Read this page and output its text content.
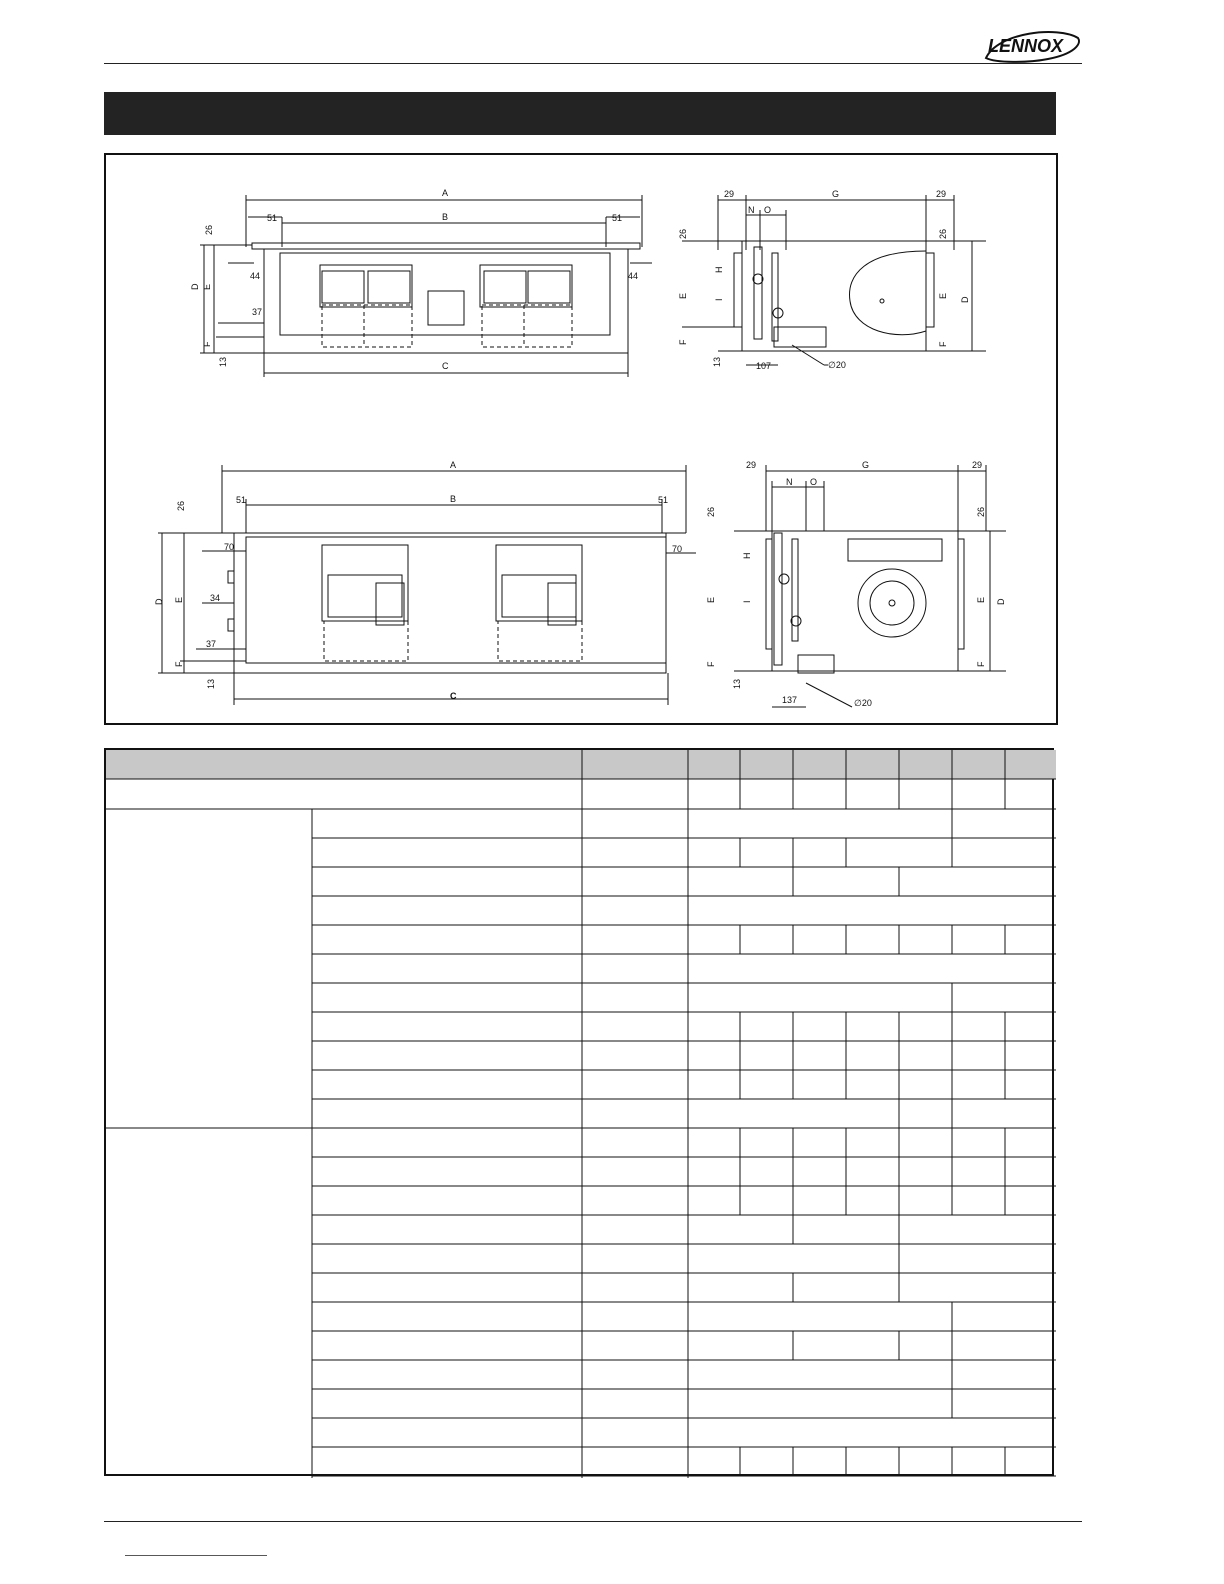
LENNOX
A
B
C
51	51
D E
F
26
44	44
37
13
29	G	29
N O
H
I
E
F
26	26
E
F
D
13	107	∅20
A
B
C
51	51
D E
F
26
70	70
34
37
13
29	G	29
N O
H
I
E
F
26	26
E
F
D
13
137	∅20
